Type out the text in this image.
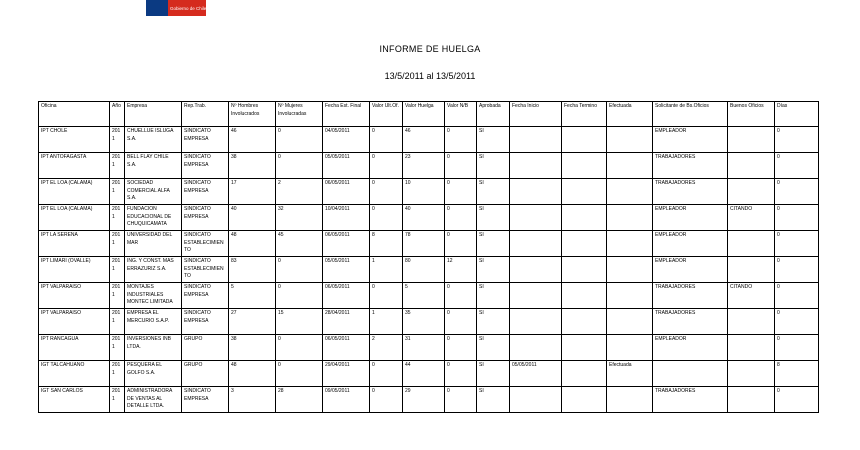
Gobierno de Chile
INFORME DE HUELGA
13/5/2011 al 13/5/2011
Oficina	Año	Empresa	Rep.Trab.	Nº Hombres Involucrados	Nº Mujeres Involucradas	Fecha Est. Final	Valor Ult.Of.	Valor Huelga	Valor N/B	Aprobada	Fecha Inicio	Fecha Termino	Efectuada	Solicitante de Bs.Oficios	Buenos Oficios	Días
IPT CHOLE	2011	CHUELLUE ISLUGA S.A.	SINDICATO EMPRESA	46	0	04/05/2011	0	46	0	SI				EMPLEADOR		0
IPT ANTOFAGASTA	2011	BELL FLAY CHILE S.A.	SINDICATO EMPRESA	38	0	05/05/2011	0	23	0	SI				TRABAJADORES		0
IPT EL LOA (CALAMA)	2011	SOCIEDAD COMERCIAL ALFA S.A.	SINDICATO EMPRESA	17	2	06/05/2011	0	10	0	SI				TRABAJADORES		0
IPT EL LOA (CALAMA)	2011	FUNDACION EDUCACIONAL DE CHUQUICAMATA	SINDICATO EMPRESA	40	32	10/04/2011	0	40	0	SI				EMPLEADOR	CITANDO	0
IPT LA SERENA	2011	UNIVERSIDAD DEL MAR	SINDICATO ESTABLECIMIENTO	48	45	06/05/2011	8	78	0	SI				EMPLEADOR		0
IPT LIMARI (OVALLE)	2011	ING. Y CONST. MAS ERRAZURIZ S.A.	SINDICATO ESTABLECIMIENTO	83	0	05/05/2011	1	80	12	SI				EMPLEADOR		0
IPT VALPARAISO	2011	MONTAJES INDUSTRIALES MONTEC LIMITADA	SINDICATO EMPRESA	5	0	06/05/2011	0	5	0	SI				TRABAJADORES	CITANDO	0
IPT VALPARAISO	2011	EMPRESA EL MERCURIO S.A.P.	SINDICATO EMPRESA	27	15	28/04/2011	1	35	0	SI				TRABAJADORES		0
IPT RANCAGUA	2011	INVERSIONES INB LTDA.	GRUPO	38	0	06/05/2011	2	31	0	SI				EMPLEADOR		0
IGT TALCAHUANO	2011	PESQUERA EL GOLFO S.A.	GRUPO	48	0	29/04/2011	0	44	0	SI	05/05/2011		Efectuada			8
IGT SAN CARLOS	2011	ADMINISTRADORA DE VENTAS AL DETALLE LTDA.	SINDICATO EMPRESA	3	28	09/05/2011	0	29	0	SI				TRABAJADORES		0
